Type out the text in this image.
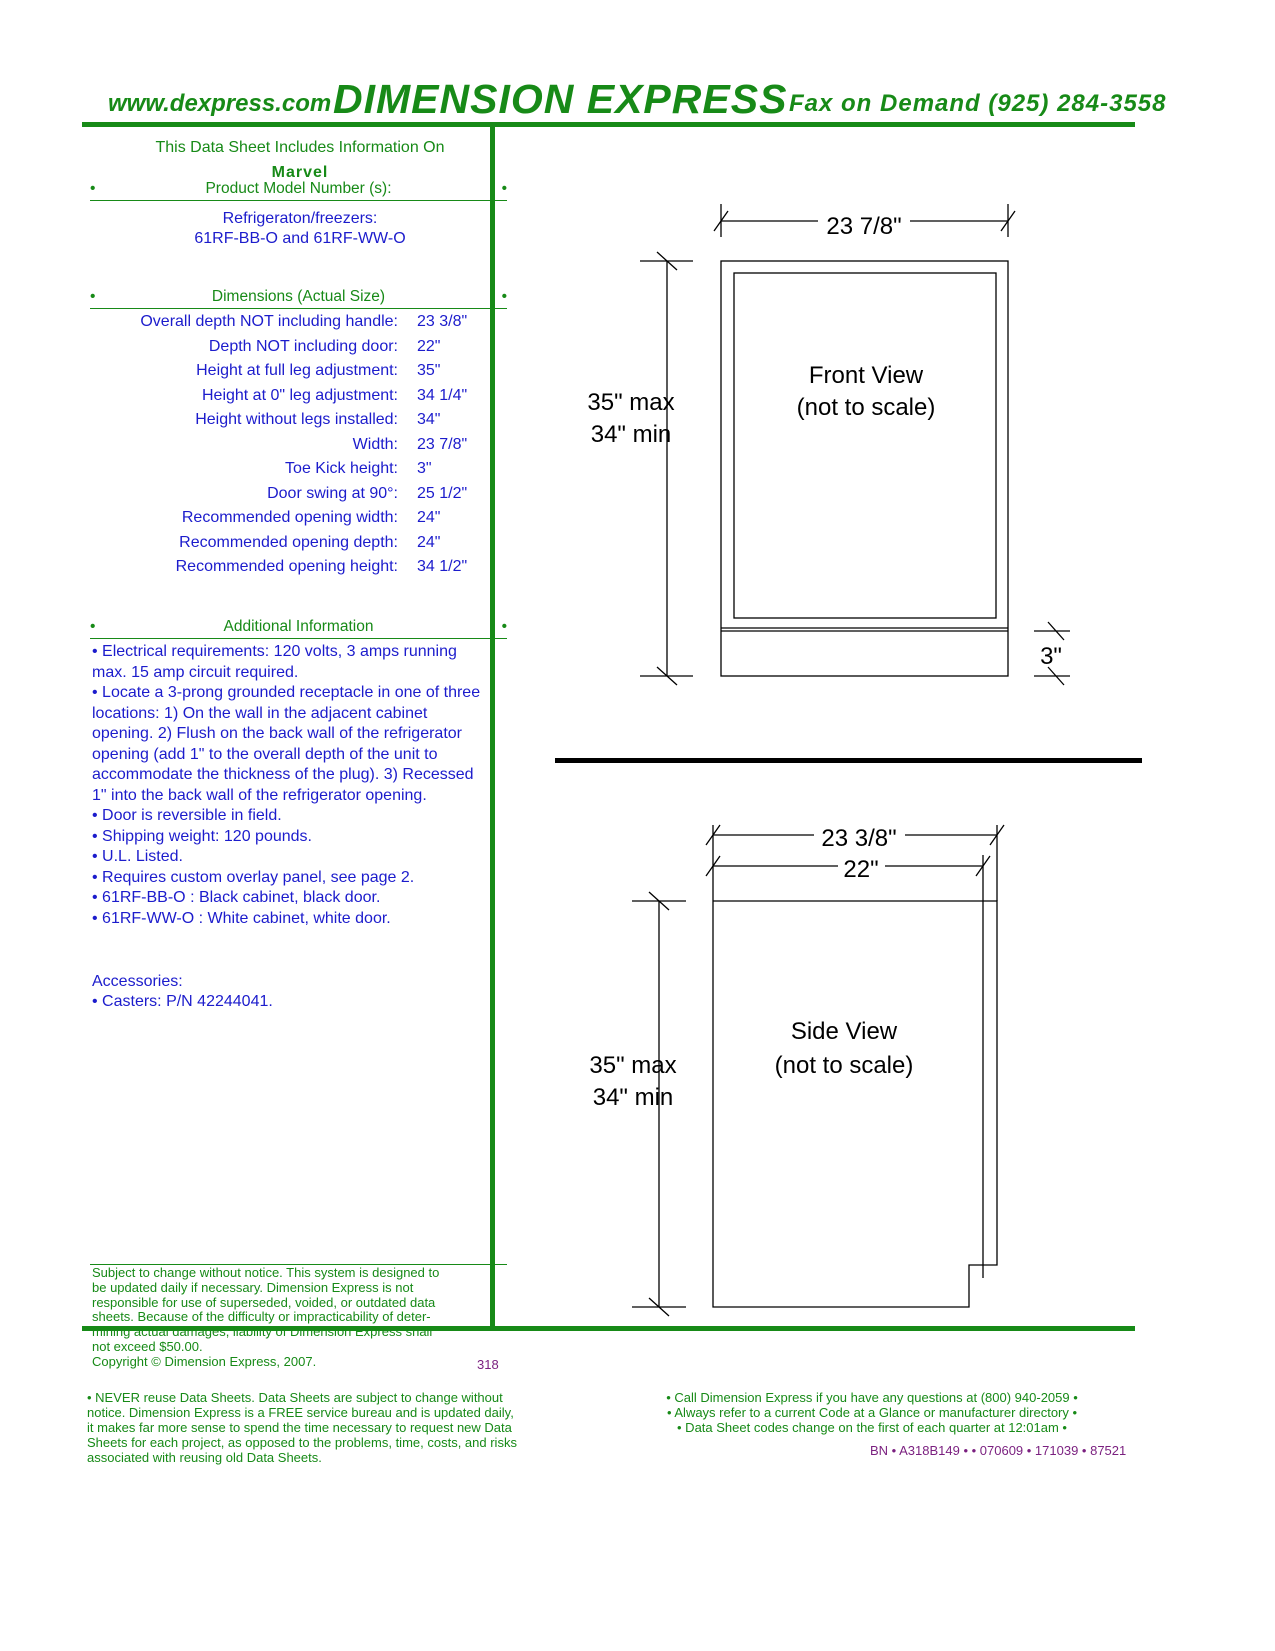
www.dexpress.com DIMENSION EXPRESS Fax on Demand (925) 284-3558
This Data Sheet Includes Information On
Marvel
•	Product Model Number (s):	•
Refrigeraton/freezers:
61RF-BB-O and 61RF-WW-O
•	Dimensions (Actual Size)	•
Overall depth NOT including handle: 23 3/8"
Depth NOT including door: 22"
Height at full leg adjustment: 35"
Height at 0" leg adjustment: 34 1/4"
Height without legs installed: 34"
Width: 23 7/8"
Toe Kick height: 3"
Door swing at 90°: 25 1/2"
Recommended opening width: 24"
Recommended opening depth: 24"
Recommended opening height: 34 1/2"
•	Additional Information	•

• Electrical requirements: 120 volts, 3 amps running

max. 15 amp circuit required.

• Locate a 3-prong grounded receptacle in one of three

locations: 1) On the wall in the adjacent cabinet

opening. 2) Flush on the back wall of the refrigerator

opening (add 1" to the overall depth of the unit to

accommodate the thickness of the plug). 3) Recessed

1" into the back wall of the refrigerator opening.

• Door is reversible in field.

• Shipping weight: 120 pounds.

• U.L. Listed.

• Requires custom overlay panel, see page 2.

• 61RF-BB-O : Black cabinet, black door.

• 61RF-WW-O : White cabinet, white door.

Accessories:
• Casters: P/N 42244041.

Subject to change without notice. This system is designed to

be updated daily if necessary. Dimension Express is not

responsible for use of superseded, voided, or outdated data

sheets. Because of the difficulty or impracticability of deter-

mining actual damages, liability of Dimension Express shall

not exceed $50.00.

Copyright © Dimension Express, 2007.	318
23 7/8"
35" max
34" min
Front View
(not to scale)
3"
23 3/8"
22"
35" max
34" min
Side View
(not to scale)

• NEVER reuse Data Sheets. Data Sheets are subject to change without

notice. Dimension Express is a FREE service bureau and is updated daily,

it makes far more sense to spend the time necessary to request new Data

Sheets for each project, as opposed to the problems, time, costs, and risks

associated with reusing old Data Sheets.

• Call Dimension Express if you have any questions at (800) 940-2059 •

• Always refer to a current Code at a Glance or manufacturer directory •

• Data Sheet codes change on the first of each quarter at 12:01am •

BN • A318B149 • • 070609 • 171039 • 87521
